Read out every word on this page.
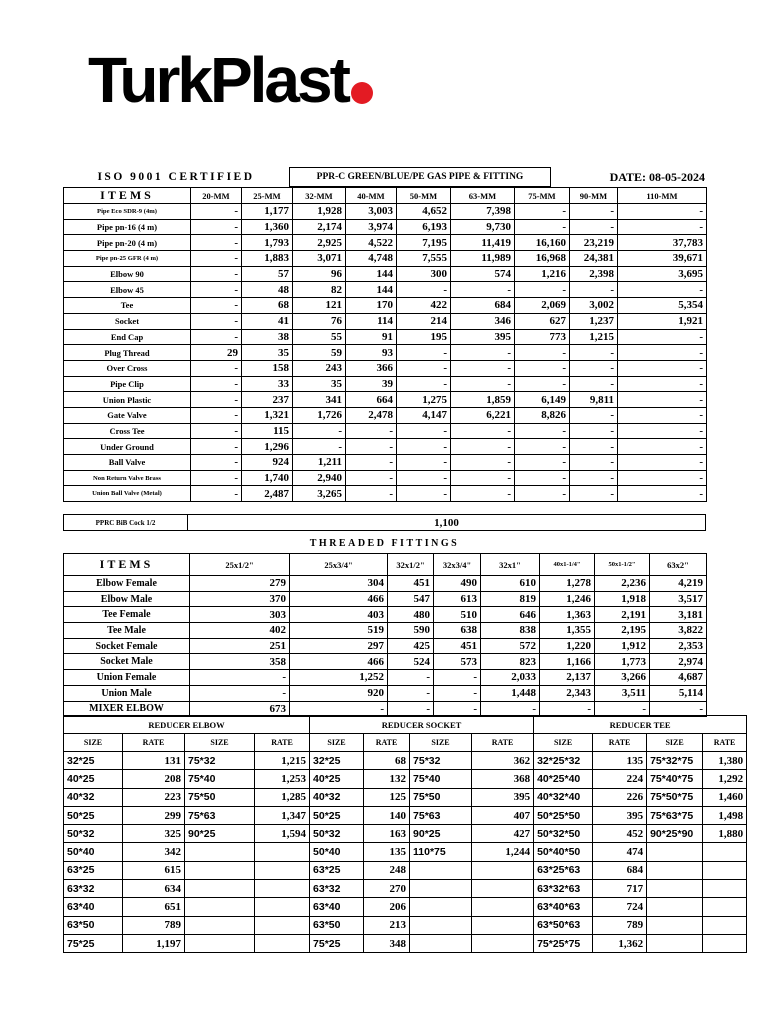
TurkPlast
ISO 9001 CERTIFIED	PPR-C GREEN/BLUE/PE GAS PIPE & FITTING	DATE: 08-05-2024
ITEMS	20-MM	25-MM	32-MM	40-MM	50-MM	63-MM	75-MM	90-MM	110-MM
Pipe Eco SDR-9 (4m)	-	1,177	1,928	3,003	4,652	7,398	-	-	-
Pipe pn-16 (4 m)	-	1,360	2,174	3,974	6,193	9,730	-	-	-
Pipe pn-20 (4 m)	-	1,793	2,925	4,522	7,195	11,419	16,160	23,219	37,783
Pipe pn-25 GFR (4 m)	-	1,883	3,071	4,748	7,555	11,989	16,968	24,381	39,671
Elbow 90	-	57	96	144	300	574	1,216	2,398	3,695
Elbow 45	-	48	82	144	-	-	-	-	-
Tee	-	68	121	170	422	684	2,069	3,002	5,354
Socket	-	41	76	114	214	346	627	1,237	1,921
End Cap	-	38	55	91	195	395	773	1,215	-
Plug Thread	29	35	59	93	-	-	-	-	-
Over Cross	-	158	243	366	-	-	-	-	-
Pipe Clip	-	33	35	39	-	-	-	-	-
Union Plastic	-	237	341	664	1,275	1,859	6,149	9,811	-
Gate Valve	-	1,321	1,726	2,478	4,147	6,221	8,826	-	-
Cross Tee	-	115	-	-	-	-	-	-	-
Under Ground	-	1,296	-	-	-	-	-	-	-
Ball Valve	-	924	1,211	-	-	-	-	-	-
Non Return Valve Brass	-	1,740	2,940	-	-	-	-	-	-
Union Ball Valve (Metal)	-	2,487	3,265	-	-	-	-	-	-
PPRC BiB Cock 1/2	1,100
THREADED FITTINGS
ITEMS	25x1/2"	25x3/4"	32x1/2"	32x3/4"	32x1"	40x1-1/4"	50x1-1/2"	63x2"
Elbow Female	279	304	451	490	610	1,278	2,236	4,219
Elbow Male	370	466	547	613	819	1,246	1,918	3,517
Tee Female	303	403	480	510	646	1,363	2,191	3,181
Tee Male	402	519	590	638	838	1,355	2,195	3,822
Socket Female	251	297	425	451	572	1,220	1,912	2,353
Socket Male	358	466	524	573	823	1,166	1,773	2,974
Union Female	-	1,252	-	-	2,033	2,137	3,266	4,687
Union Male	-	920	-	-	1,448	2,343	3,511	5,114
MIXER ELBOW	673	-	-	-	-	-	-	-
REDUCER ELBOW				REDUCER SOCKET				REDUCER TEE			
SIZE	RATE	SIZE	RATE	SIZE	RATE	SIZE	RATE	SIZE	RATE	SIZE	RATE
32*25	131	75*32	1,215	32*25	68	75*32	362	32*25*32	135	75*32*75	1,380
40*25	208	75*40	1,253	40*25	132	75*40	368	40*25*40	224	75*40*75	1,292
40*32	223	75*50	1,285	40*32	125	75*50	395	40*32*40	226	75*50*75	1,460
50*25	299	75*63	1,347	50*25	140	75*63	407	50*25*50	395	75*63*75	1,498
50*32	325	90*25	1,594	50*32	163	90*25	427	50*32*50	452	90*25*90	1,880
50*40	342			50*40	135	110*75	1,244	50*40*50	474		
63*25	615			63*25	248			63*25*63	684		
63*32	634			63*32	270			63*32*63	717		
63*40	651			63*40	206			63*40*63	724		
63*50	789			63*50	213			63*50*63	789		
75*25	1,197			75*25	348			75*25*75	1,362		
